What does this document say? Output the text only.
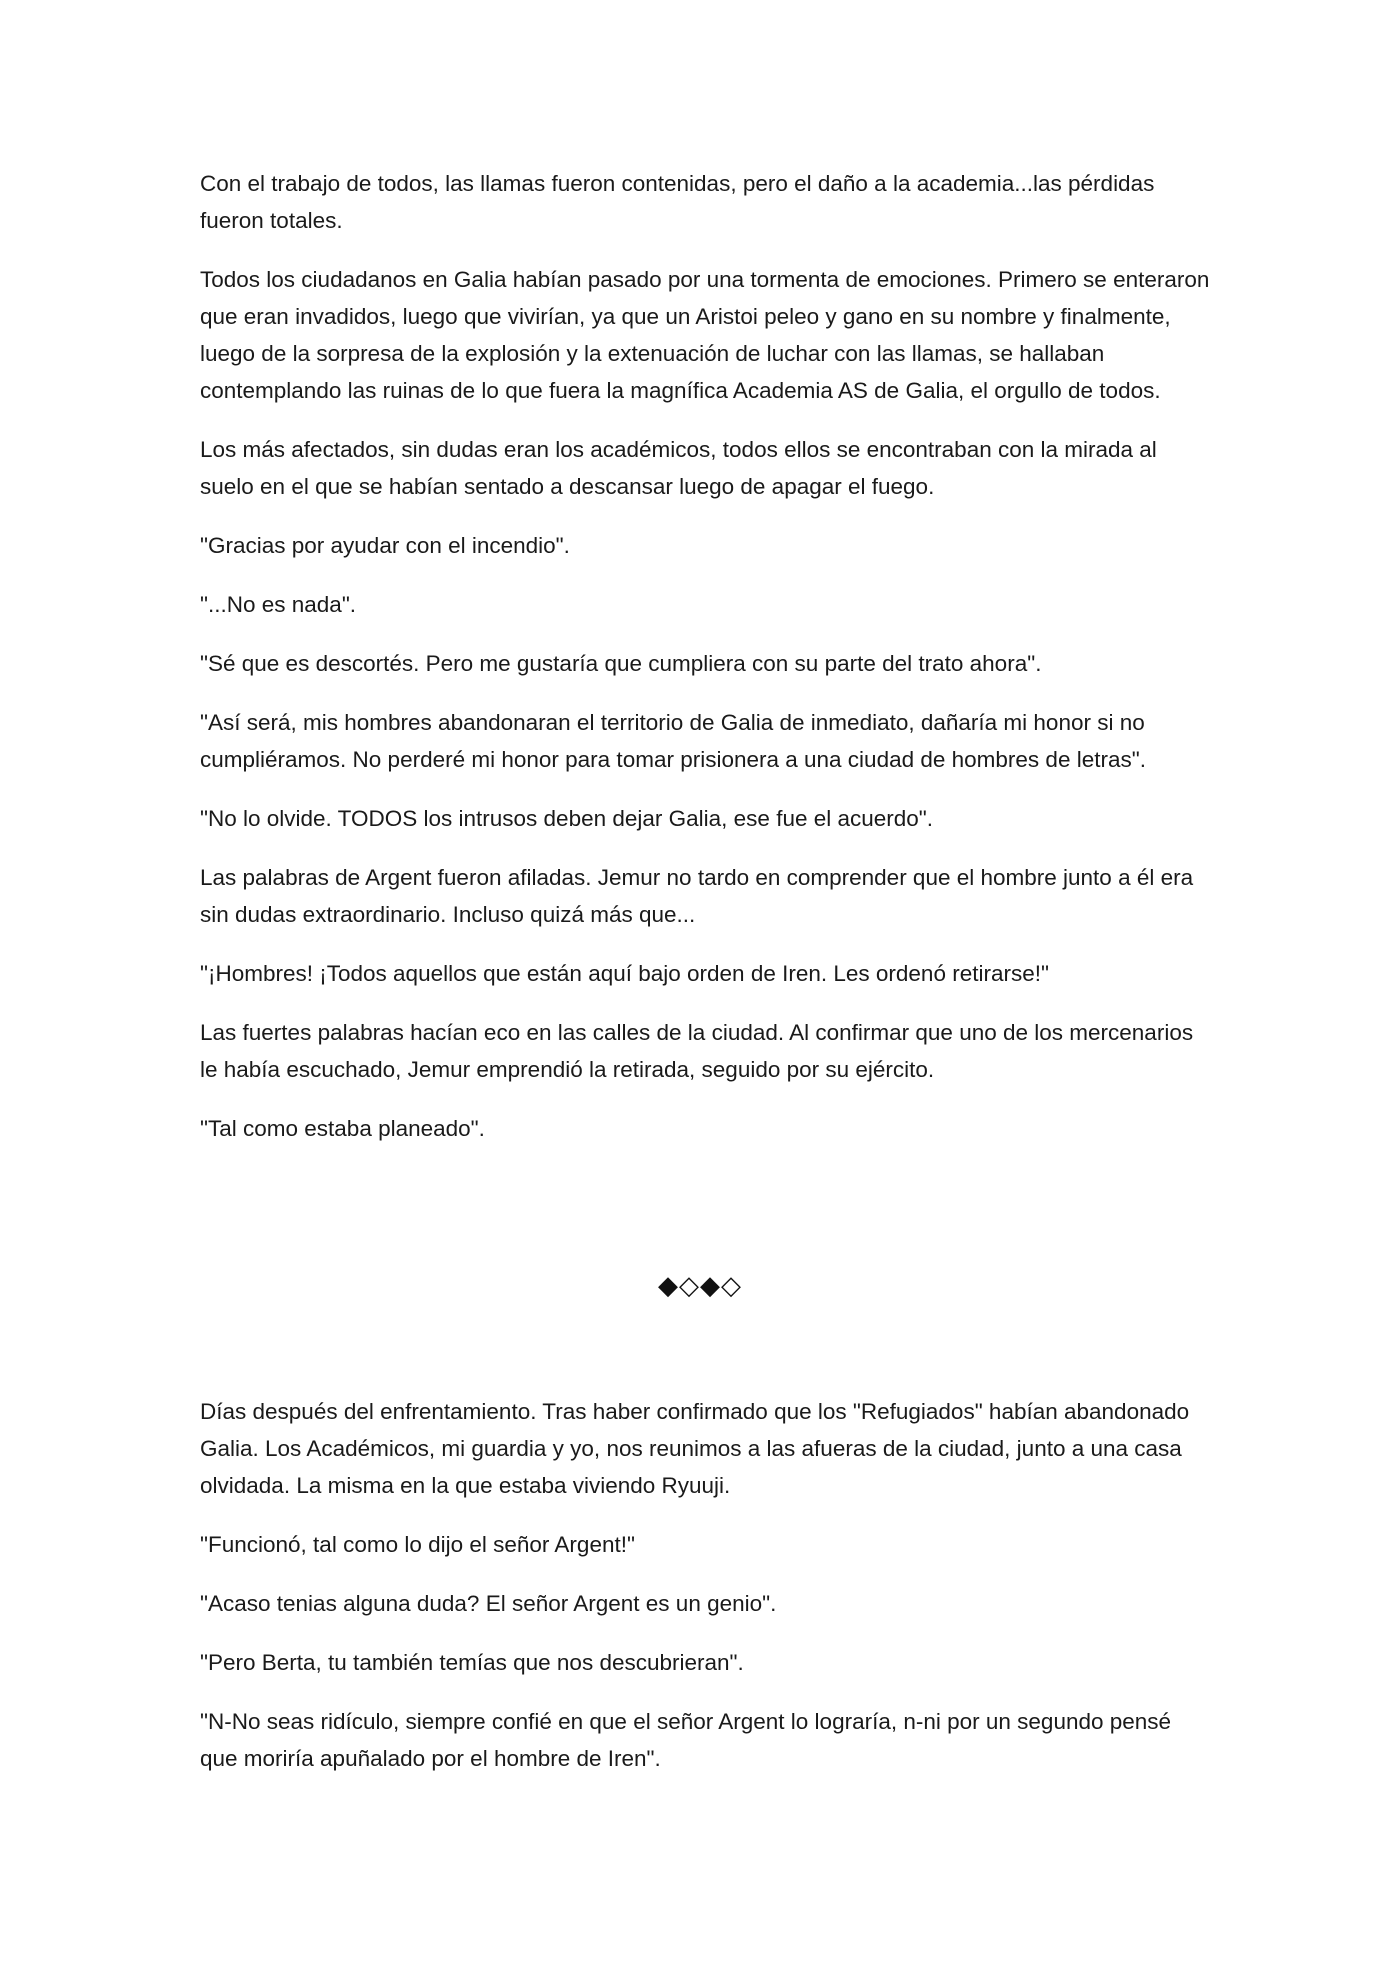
Con el trabajo de todos, las llamas fueron contenidas, pero el daño a la academia...las pérdidas fueron totales.

Todos los ciudadanos en Galia habían pasado por una tormenta de emociones. Primero se enteraron que eran invadidos, luego que vivirían, ya que un Aristoi peleo y gano en su nombre y finalmente, luego de la sorpresa de la explosión y la extenuación de luchar con las llamas, se hallaban contemplando las ruinas de lo que fuera la magnífica Academia AS de Galia, el orgullo de todos.

Los más afectados, sin dudas eran los académicos, todos ellos se encontraban con la mirada al suelo en el que se habían sentado a descansar luego de apagar el fuego.

"Gracias por ayudar con el incendio".

"...No es nada".

"Sé que es descortés. Pero me gustaría que cumpliera con su parte del trato ahora".

"Así será, mis hombres abandonaran el territorio de Galia de inmediato, dañaría mi honor si no cumpliéramos. No perderé mi honor para tomar prisionera a una ciudad de hombres de letras".

"No lo olvide. TODOS los intrusos deben dejar Galia, ese fue el acuerdo".

Las palabras de Argent fueron afiladas. Jemur no tardo en comprender que el hombre junto a él era sin dudas extraordinario. Incluso quizá más que...

"¡Hombres! ¡Todos aquellos que están aquí bajo orden de Iren. Les ordenó retirarse!"

Las fuertes palabras hacían eco en las calles de la ciudad. Al confirmar que uno de los mercenarios le había escuchado, Jemur emprendió la retirada, seguido por su ejército.

"Tal como estaba planeado".

◆◇◆◇

Días después del enfrentamiento. Tras haber confirmado que los "Refugiados" habían abandonado Galia. Los Académicos, mi guardia y yo, nos reunimos a las afueras de la ciudad, junto a una casa olvidada. La misma en la que estaba viviendo Ryuuji.

"Funcionó, tal como lo dijo el señor Argent!"

"Acaso tenias alguna duda? El señor Argent es un genio".

"Pero Berta, tu también temías que nos descubrieran".

"N-No seas ridículo, siempre confié en que el señor Argent lo lograría, n-ni por un segundo pensé que moriría apuñalado por el hombre de Iren".
